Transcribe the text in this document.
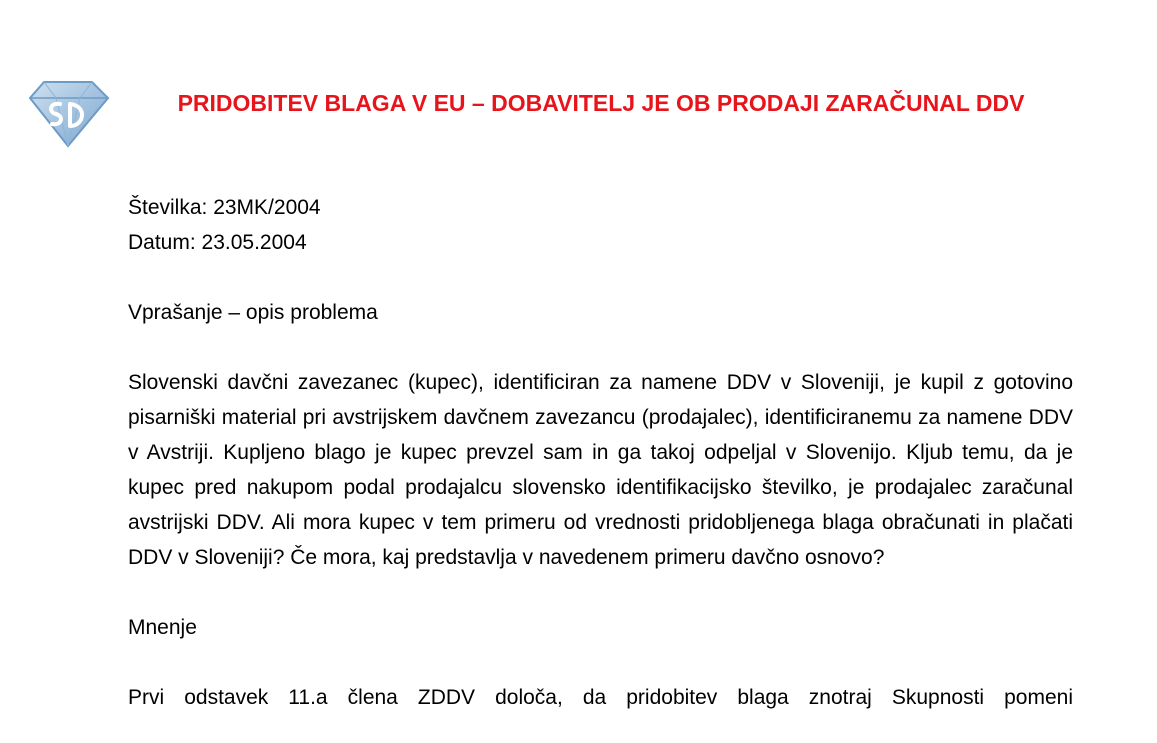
PRIDOBITEV BLAGA V EU – DOBAVITELJ JE OB PRODAJI ZARAČUNAL DDV

Številka: 23MK/2004

Datum: 23.05.2004

Vprašanje – opis problema

Slovenski davčni zavezanec (kupec), identificiran za namene DDV v Sloveniji, je kupil z gotovino pisarniški material pri avstrijskem davčnem zavezancu (prodajalec), identificiranemu za namene DDV v Avstriji. Kupljeno blago je kupec prevzel sam in ga takoj odpeljal v Slovenijo. Kljub temu, da je kupec pred nakupom podal prodajalcu slovensko identifikacijsko številko, je prodajalec zaračunal avstrijski DDV. Ali mora kupec v tem primeru od vrednosti pridobljenega blaga obračunati in plačati DDV v Sloveniji? Če mora, kaj predstavlja v navedenem primeru davčno osnovo?

Mnenje

Prvi odstavek 11.a člena ZDDV določa, da pridobitev blaga znotraj Skupnosti pomeni
